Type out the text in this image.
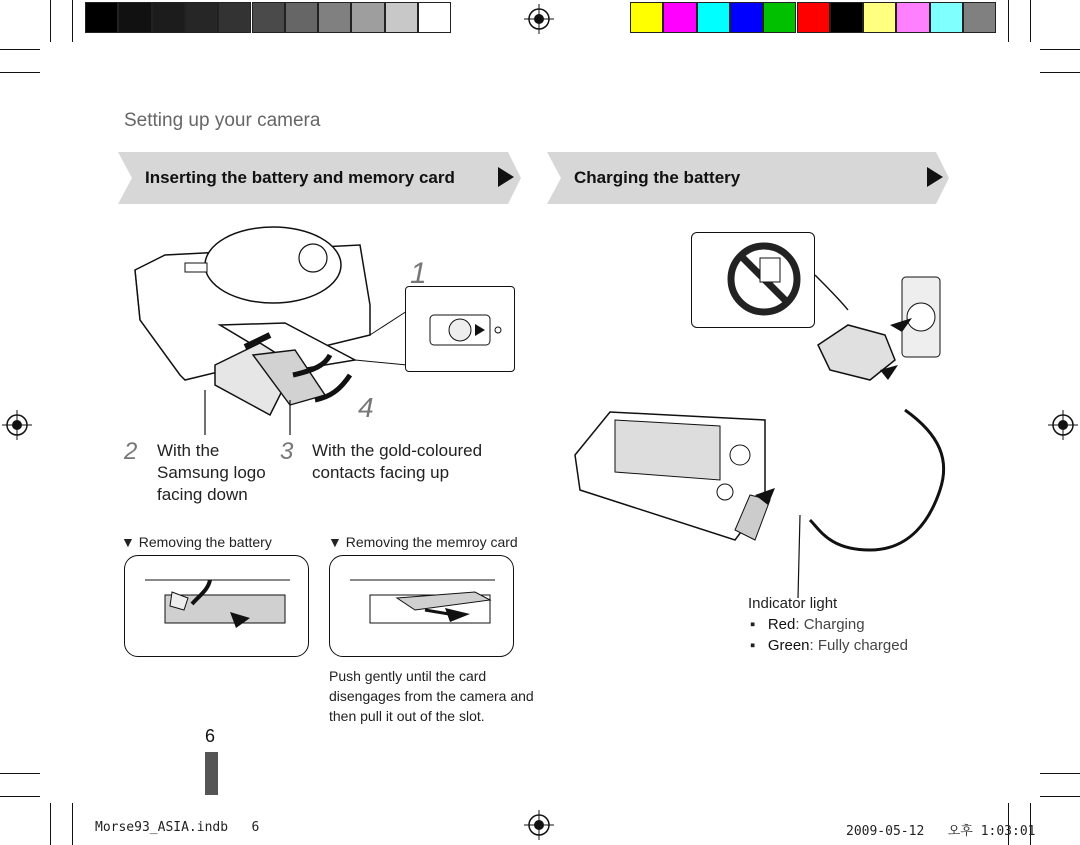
Setting up your camera
Inserting the battery and memory card	Charging the battery
1
4
2 With the Samsung logo facing down
3 With the gold-coloured contacts facing up
▼ Removing the battery	▼ Removing the memroy card
Push gently until the card disengages from the camera and then pull it out of the slot.
6
Indicator light
▪   Red: Charging
▪   Green: Fully charged
Morse93_ASIA.indb   6	2009-05-12   오후 1:03:01
